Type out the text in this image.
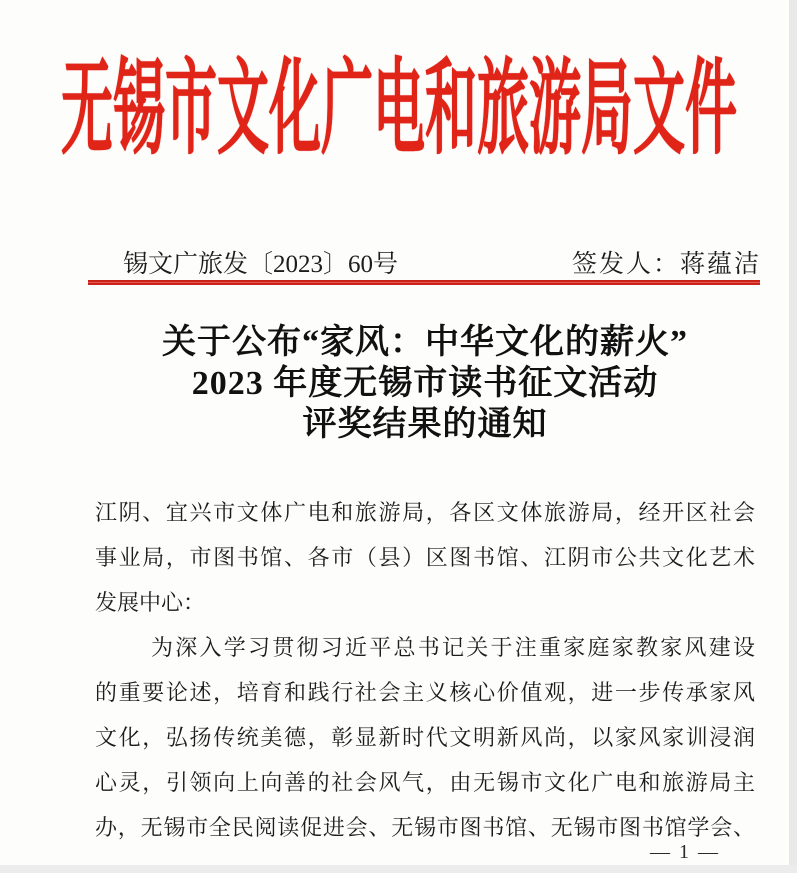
无锡市文化广电和旅游局文件
锡文广旅发〔2023〕60号	签发人：蒋蕴洁
关于公布“家风：中华文化的薪火”
2023 年度无锡市读书征文活动
评奖结果的通知
江阴、宜兴市文体广电和旅游局，各区文体旅游局，经开区社会
事业局，市图书馆、各市（县）区图书馆、江阴市公共文化艺术
发展中心：
为深入学习贯彻习近平总书记关于注重家庭家教家风建设
的重要论述，培育和践行社会主义核心价值观，进一步传承家风
文化，弘扬传统美德，彰显新时代文明新风尚，以家风家训浸润
心灵，引领向上向善的社会风气，由无锡市文化广电和旅游局主
办，无锡市全民阅读促进会、无锡市图书馆、无锡市图书馆学会、
— 1 —
